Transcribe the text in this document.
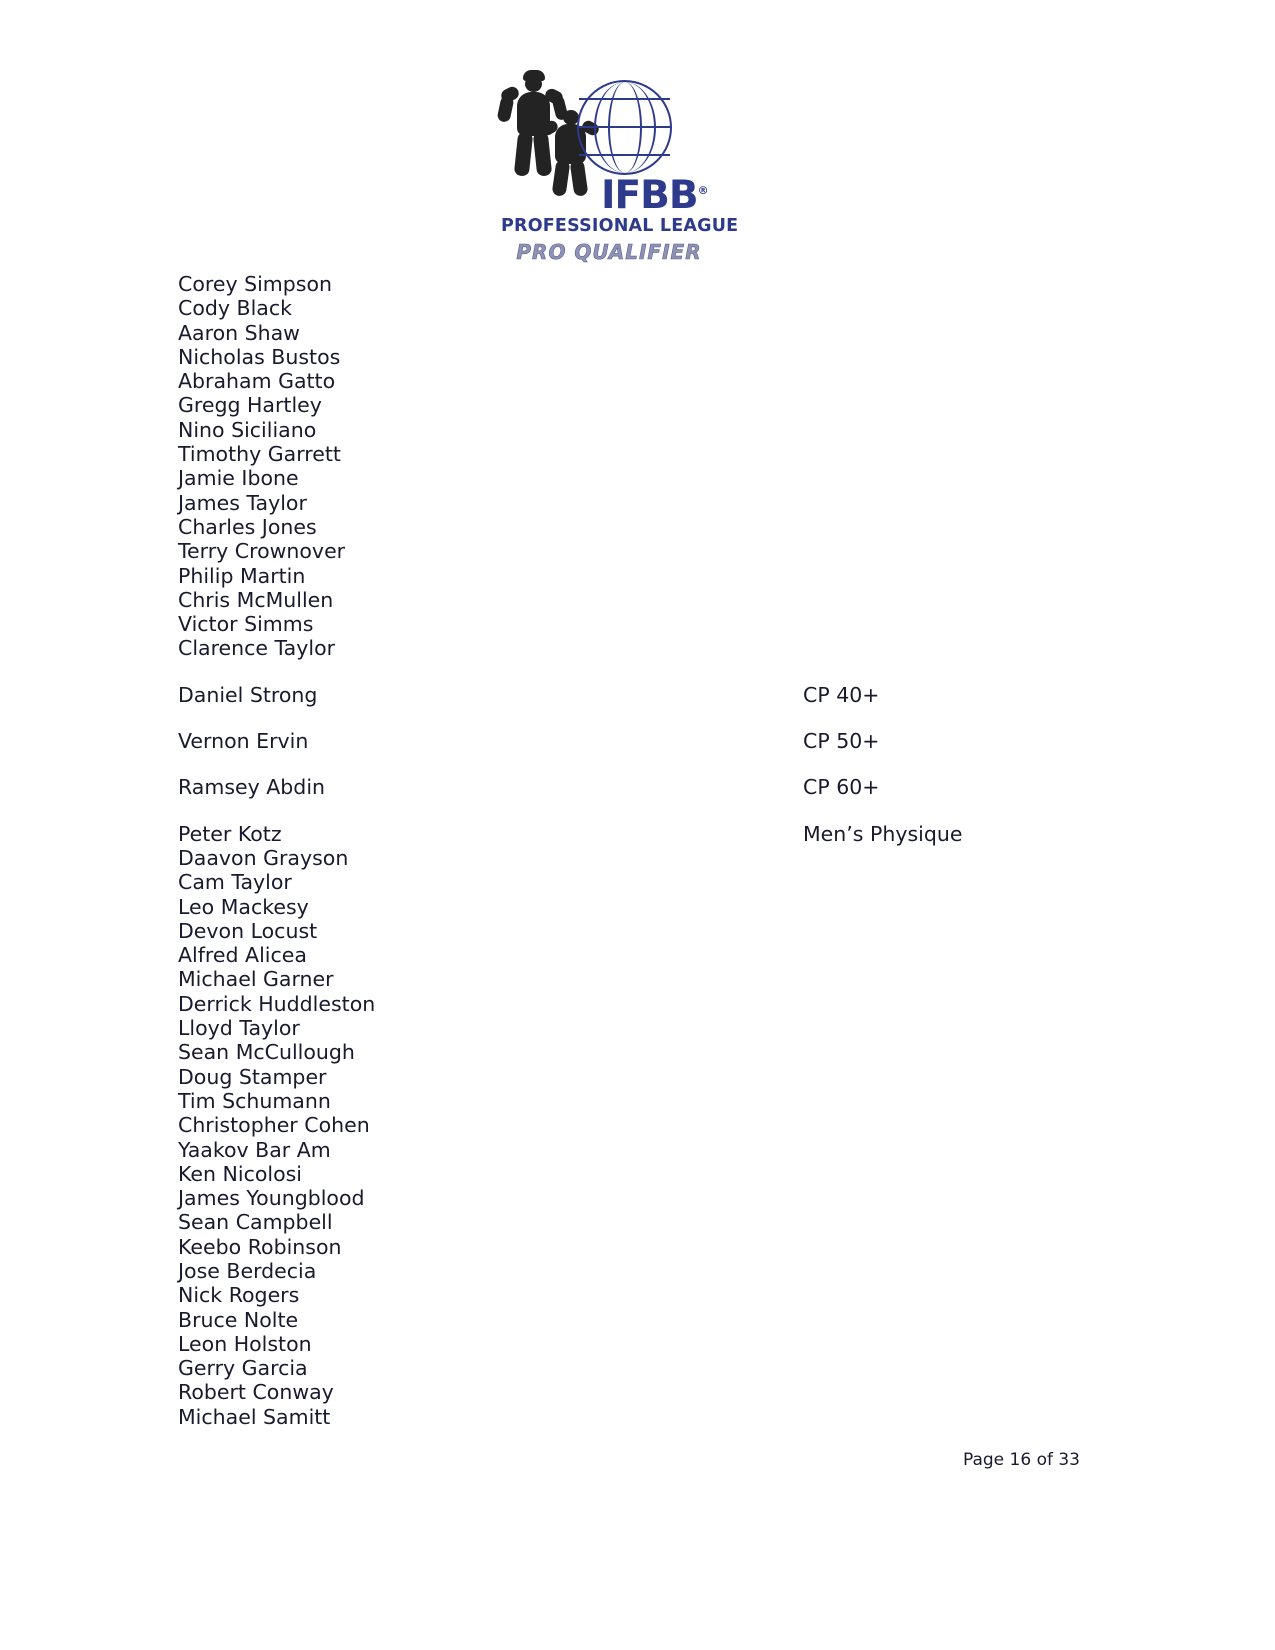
IFBB®
PROFESSIONAL LEAGUE
PRO QUALIFIER
Corey Simpson
Cody Black
Aaron Shaw
Nicholas Bustos
Abraham Gatto
Gregg Hartley
Nino Siciliano
Timothy Garrett
Jamie Ibone
James Taylor
Charles Jones
Terry Crownover
Philip Martin
Chris McMullen
Victor Simms
Clarence Taylor
Daniel Strong	CP 40+
Vernon Ervin	CP 50+
Ramsey Abdin	CP 60+
Peter Kotz	Men’s Physique
Daavon Grayson
Cam Taylor
Leo Mackesy
Devon Locust
Alfred Alicea
Michael Garner
Derrick Huddleston
Lloyd Taylor
Sean McCullough
Doug Stamper
Tim Schumann
Christopher Cohen
Yaakov Bar Am
Ken Nicolosi
James Youngblood
Sean Campbell
Keebo Robinson
Jose Berdecia
Nick Rogers
Bruce Nolte
Leon Holston
Gerry Garcia
Robert Conway
Michael Samitt
Page 16 of 33
